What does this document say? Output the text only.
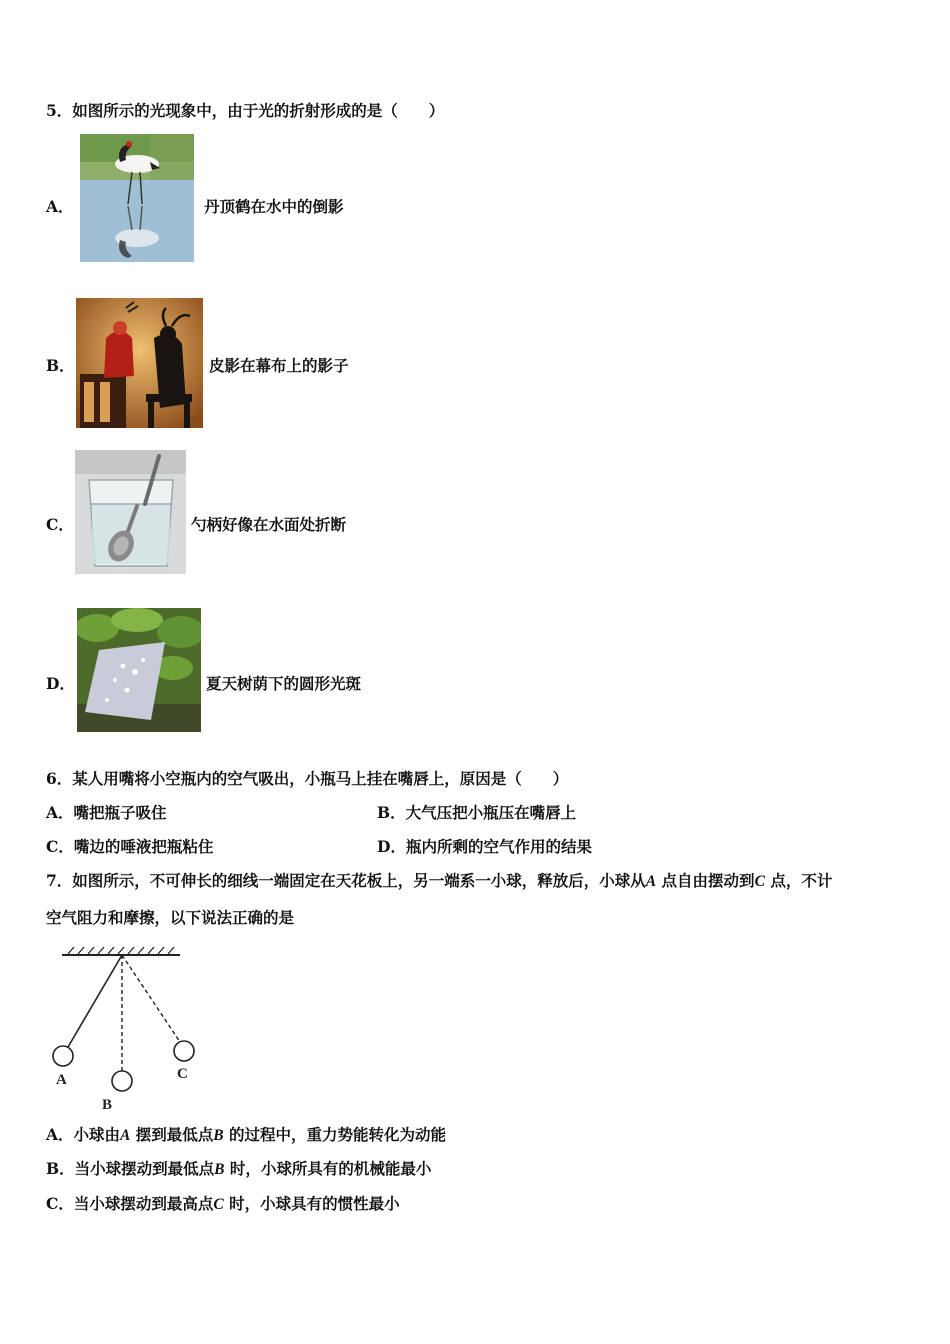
5．如图所示的光现象中，由于光的折射形成的是（　　）
A．	丹顶鹤在水中的倒影
B．	皮影在幕布上的影子
C．	勺柄好像在水面处折断
D．	夏天树荫下的圆形光斑
6．某人用嘴将小空瓶内的空气吸出，小瓶马上挂在嘴唇上，原因是（　　）
A．嘴把瓶子吸住	B．大气压把小瓶压在嘴唇上
C．嘴边的唾液把瓶粘住	D．瓶内所剩的空气作用的结果
7．如图所示，不可伸长的细线一端固定在天花板上，另一端系一小球，释放后，小球从A 点自由摆动到C 点，不计
空气阻力和摩擦，以下说法正确的是
A
B
C
A．小球由A 摆到最低点B 的过程中，重力势能转化为动能
B．当小球摆动到最低点B 时，小球所具有的机械能最小
C．当小球摆动到最高点C 时，小球具有的惯性最小
